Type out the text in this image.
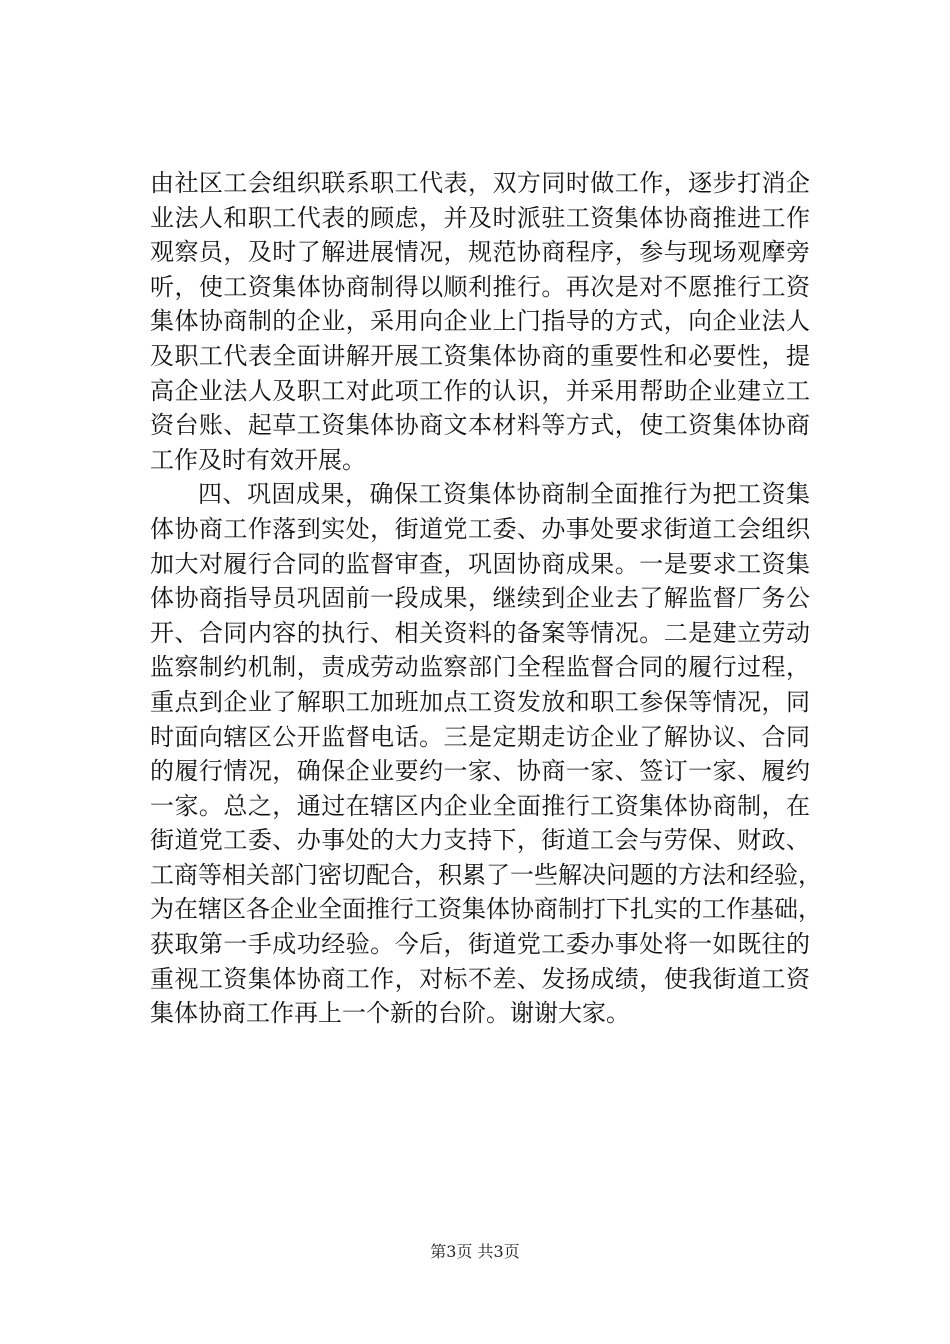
由社区工会组织联系职工代表，双方同时做工作，逐步打消企
业法人和职工代表的顾虑，并及时派驻工资集体协商推进工作
观察员，及时了解进展情况，规范协商程序，参与现场观摩旁
听，使工资集体协商制得以顺利推行。再次是对不愿推行工资
集体协商制的企业，采用向企业上门指导的方式，向企业法人
及职工代表全面讲解开展工资集体协商的重要性和必要性，提
高企业法人及职工对此项工作的认识，并采用帮助企业建立工
资台账、起草工资集体协商文本材料等方式，使工资集体协商
工作及时有效开展。
四、巩固成果，确保工资集体协商制全面推行为把工资集
体协商工作落到实处，街道党工委、办事处要求街道工会组织
加大对履行合同的监督审查，巩固协商成果。一是要求工资集
体协商指导员巩固前一段成果，继续到企业去了解监督厂务公
开、合同内容的执行、相关资料的备案等情况。二是建立劳动
监察制约机制，责成劳动监察部门全程监督合同的履行过程，
重点到企业了解职工加班加点工资发放和职工参保等情况，同
时面向辖区公开监督电话。三是定期走访企业了解协议、合同
的履行情况，确保企业要约一家、协商一家、签订一家、履约
一家。总之，通过在辖区内企业全面推行工资集体协商制，在
街道党工委、办事处的大力支持下，街道工会与劳保、财政、
工商等相关部门密切配合，积累了一些解决问题的方法和经验，
为在辖区各企业全面推行工资集体协商制打下扎实的工作基础，
获取第一手成功经验。今后，街道党工委办事处将一如既往的
重视工资集体协商工作，对标不差、发扬成绩，使我街道工资
集体协商工作再上一个新的台阶。谢谢大家。
第3页 共3页
